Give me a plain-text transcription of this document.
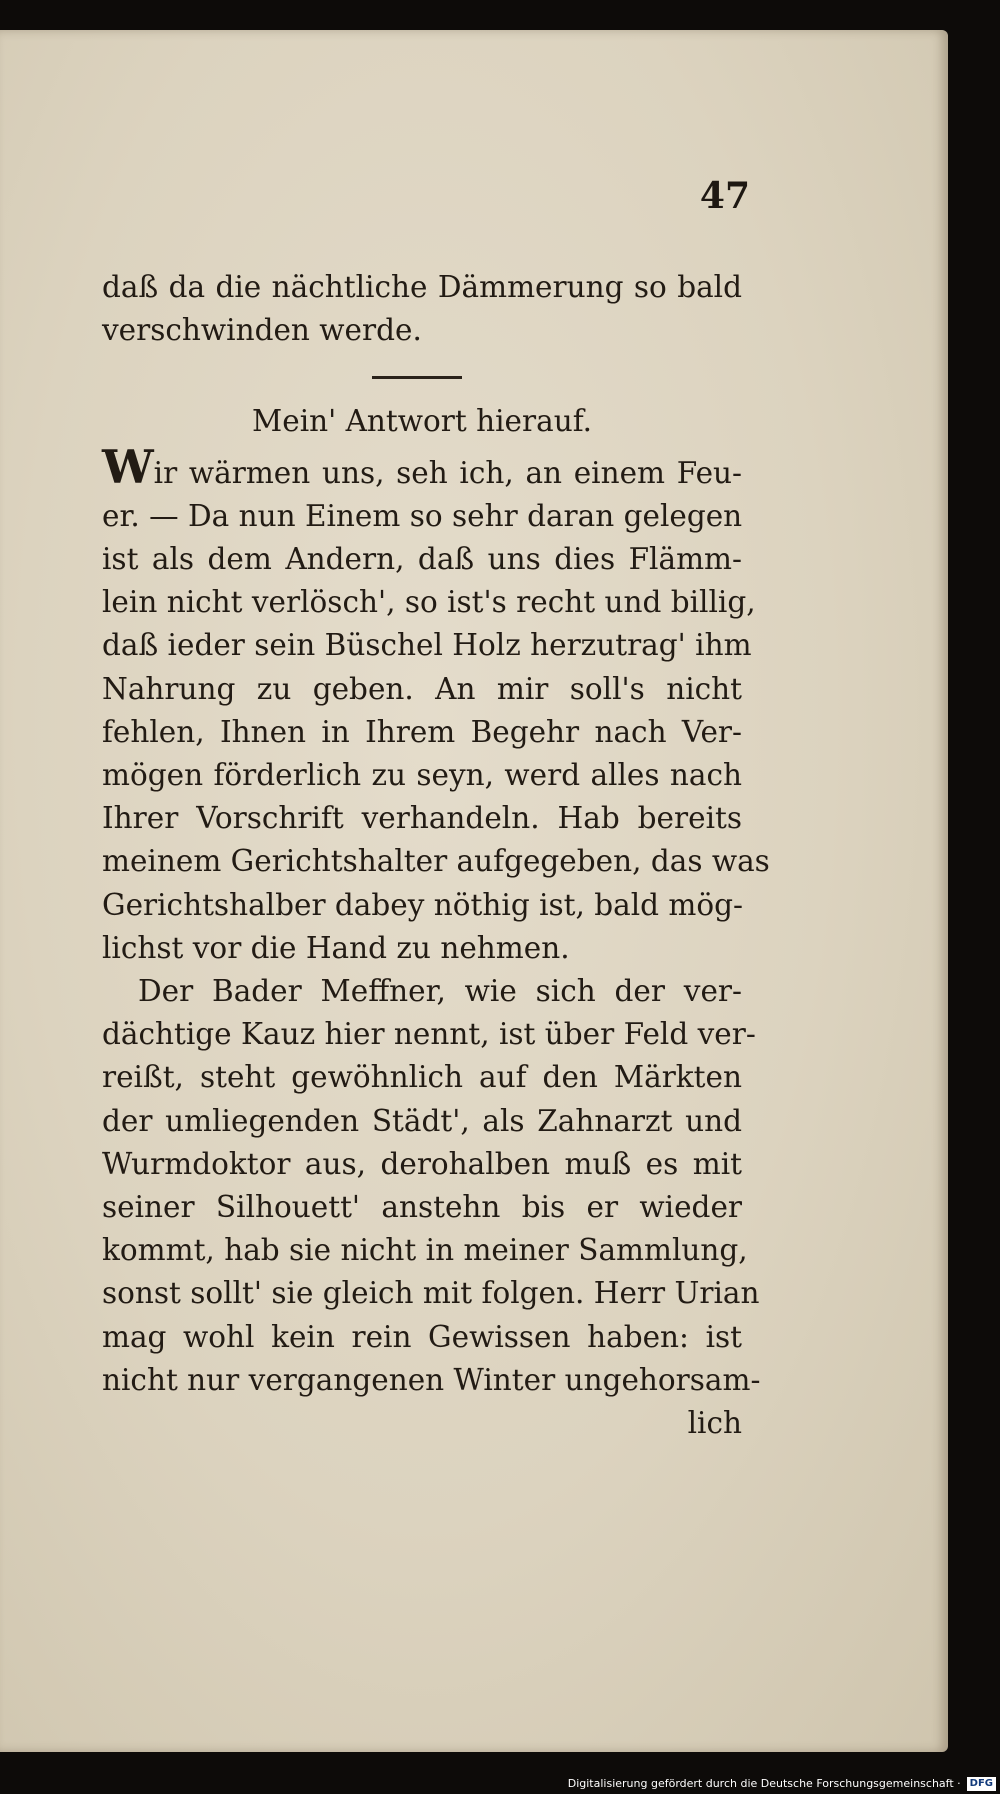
47
daß da die nächtliche Dämmerung so bald
verschwinden werde.
Mein' Antwort hierauf.
Wir wärmen uns, seh ich, an einem Feu-
er. — Da nun Einem so sehr daran gelegen
ist als dem Andern, daß uns dies Flämm-
lein nicht verlösch', so ist's recht und billig,
daß ieder sein Büschel Holz herzutrag' ihm
Nahrung zu geben. An mir soll's nicht
fehlen, Ihnen in Ihrem Begehr nach Ver-
mögen förderlich zu seyn, werd alles nach
Ihrer Vorschrift verhandeln. Hab bereits
meinem Gerichtshalter aufgegeben, das was
Gerichtshalber dabey nöthig ist, bald mög-
lichst vor die Hand zu nehmen.
Der Bader Meffner, wie sich der ver-
dächtige Kauz hier nennt, ist über Feld ver-
reißt, steht gewöhnlich auf den Märkten
der umliegenden Städt', als Zahnarzt und
Wurmdoktor aus, derohalben muß es mit
seiner Silhouett' anstehn bis er wieder
kommt, hab sie nicht in meiner Sammlung,
sonst sollt' sie gleich mit folgen. Herr Urian
mag wohl kein rein Gewissen haben: ist
nicht nur vergangenen Winter ungehorsam-
lich
Digitalisierung gefördert durch die Deutsche Forschungsgemeinschaft · DFG
